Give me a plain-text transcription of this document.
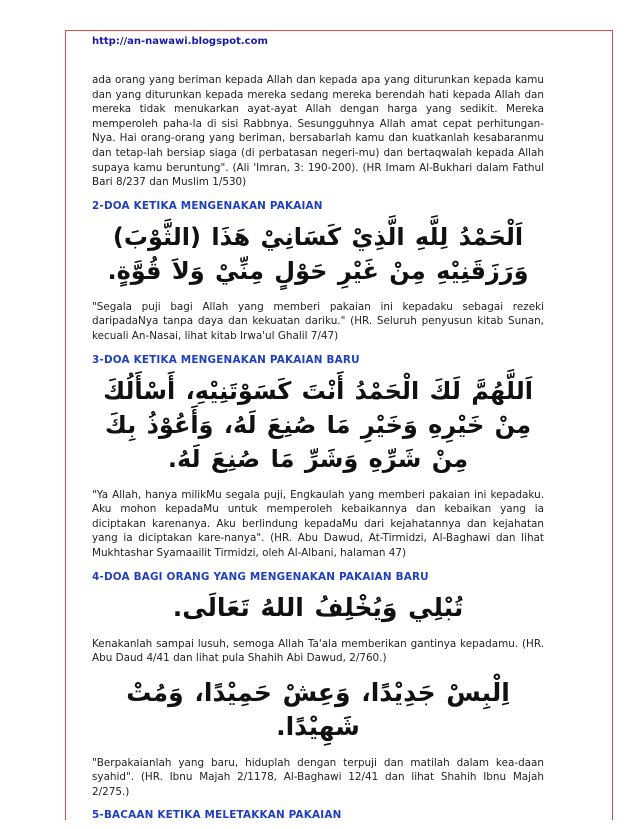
http://an-nawawi.blogspot.com

ada orang yang beriman kepada Allah dan kepada apa yang diturunkan kepada kamu dan yang diturunkan kepada mereka sedang mereka berendah hati kepada Allah dan mereka tidak menukarkan ayat-ayat Allah dengan harga yang sedikit. Mereka memperoleh paha-la di sisi Rabbnya. Sesungguhnya Allah amat cepat perhitungan-Nya. Hai orang-orang yang beriman, bersabarlah kamu dan kuatkanlah kesabaranmu dan tetap-lah bersiap siaga (di perbatasan negeri-mu) dan bertaqwalah kepada Allah supaya kamu beruntung". (Ali 'Imran, 3: 190-200). (HR Imam Al-Bukhari dalam Fathul Bari 8/237 dan Muslim 1/530)

2-DOA KETIKA MENGENAKAN PAKAIAN
اَلْحَمْدُ لِلَّهِ الَّذِيْ كَسَانِيْ هَذَا (الثَّوْبَ) وَرَزَقَنِيْهِ مِنْ غَيْرِ حَوْلٍ مِنِّيْ وَلاَ قُوَّةٍ.

"Segala puji bagi Allah yang memberi pakaian ini kepadaku sebagai rezeki daripadaNya tanpa daya dan kekuatan dariku." (HR. Seluruh penyusun kitab Sunan, kecuali An-Nasai, lihat kitab Irwa'ul Ghalil 7/47)

3-DOA KETIKA MENGENAKAN PAKAIAN BARU
اَللَّهُمَّ لَكَ الْحَمْدُ أَنْتَ كَسَوْتَنِيْهِ، أَسْأَلُكَ مِنْ خَيْرِهِ وَخَيْرِ مَا صُنِعَ لَهُ، وَأَعُوْذُ بِكَ مِنْ شَرِّهِ وَشَرِّ مَا صُنِعَ لَهُ.

"Ya Allah, hanya milikMu segala puji, Engkaulah yang memberi pakaian ini kepadaku. Aku mohon kepadaMu untuk memperoleh kebaikannya dan kebaikan yang ia diciptakan karenanya. Aku berlindung kepadaMu dari kejahatannya dan kejahatan yang ia diciptakan kare-nanya". (HR. Abu Dawud, At-Tirmidzi, Al-Baghawi dan lihat Mukhtashar Syamaailit Tirmidzi, oleh Al-Albani, halaman 47)

4-DOA BAGI ORANG YANG MENGENAKAN PAKAIAN BARU
تُبْلِي وَيُخْلِفُ اللهُ تَعَالَى.

Kenakanlah sampai lusuh, semoga Allah Ta'ala memberikan gantinya kepadamu. (HR. Abu Daud 4/41 dan lihat pula Shahih Abi Dawud, 2/760.)

اِلْبِسْ جَدِيْدًا، وَعِشْ حَمِيْدًا، وَمُتْ شَهِيْدًا.

"Berpakaianlah yang baru, hiduplah dengan terpuji dan matilah dalam kea-daan syahid". (HR. Ibnu Majah 2/1178, Al-Baghawi 12/41 dan lihat Shahih Ibnu Majah 2/275.)

5-BACAAN KETIKA MELETAKKAN PAKAIAN
